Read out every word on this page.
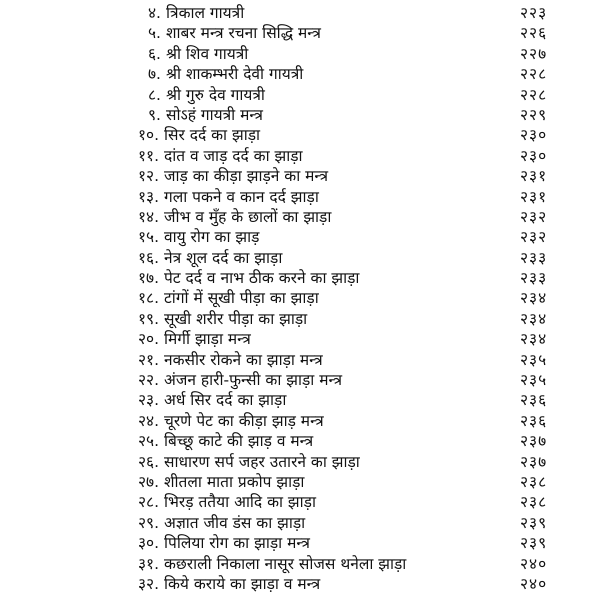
४. त्रिकाल गायत्री	२२३
५. शाबर मन्त्र रचना सिद्धि मन्त्र	२२६
६. श्री शिव गायत्री	२२७
७. श्री शाकम्भरी देवी गायत्री	२२८
८. श्री गुरु देव गायत्री	२२८
९. सोऽहं गायत्री मन्त्र	२२९
१०. सिर दर्द का झाड़ा	२३०
११. दांत व जाड़ दर्द का झाड़ा	२३०
१२. जाड़ का कीड़ा झाड़ने का मन्त्र	२३१
१३. गला पकने व कान दर्द झाड़ा	२३१
१४. जीभ व मुँह के छालों का झाड़ा	२३२
१५. वायु रोग का झाड़	२३२
१६. नेत्र शूल दर्द का झाड़ा	२३३
१७. पेट दर्द व नाभ ठीक करने का झाड़ा	२३३
१८. टांगों में सूखी पीड़ा का झाड़ा	२३४
१९. सूखी शरीर पीड़ा का झाड़ा	२३४
२०. मिर्गी झाड़ा मन्त्र	२३४
२१. नकसीर रोकने का झाड़ा मन्त्र	२३५
२२. अंजन हारी-फुन्सी का झाड़ा मन्त्र	२३५
२३. अर्ध सिर दर्द का झाड़ा	२३६
२४. चूरणे पेट का कीड़ा झाड़ मन्त्र	२३६
२५. बिच्छू काटे की झाड़ व मन्त्र	२३७
२६. साधारण सर्प जहर उतारने का झाड़ा	२३७
२७. शीतला माता प्रकोप झाड़ा	२३८
२८. भिरड़ ततैया आदि का झाड़ा	२३८
२९. अज्ञात जीव डंस का झाड़ा	२३९
३०. पिलिया रोग का झाड़ा मन्त्र	२३९
३१. कछराली निकाला नासूर सोजस थनेला झाड़ा	२४०
३२. किये कराये का झाड़ा व मन्त्र	२४०
